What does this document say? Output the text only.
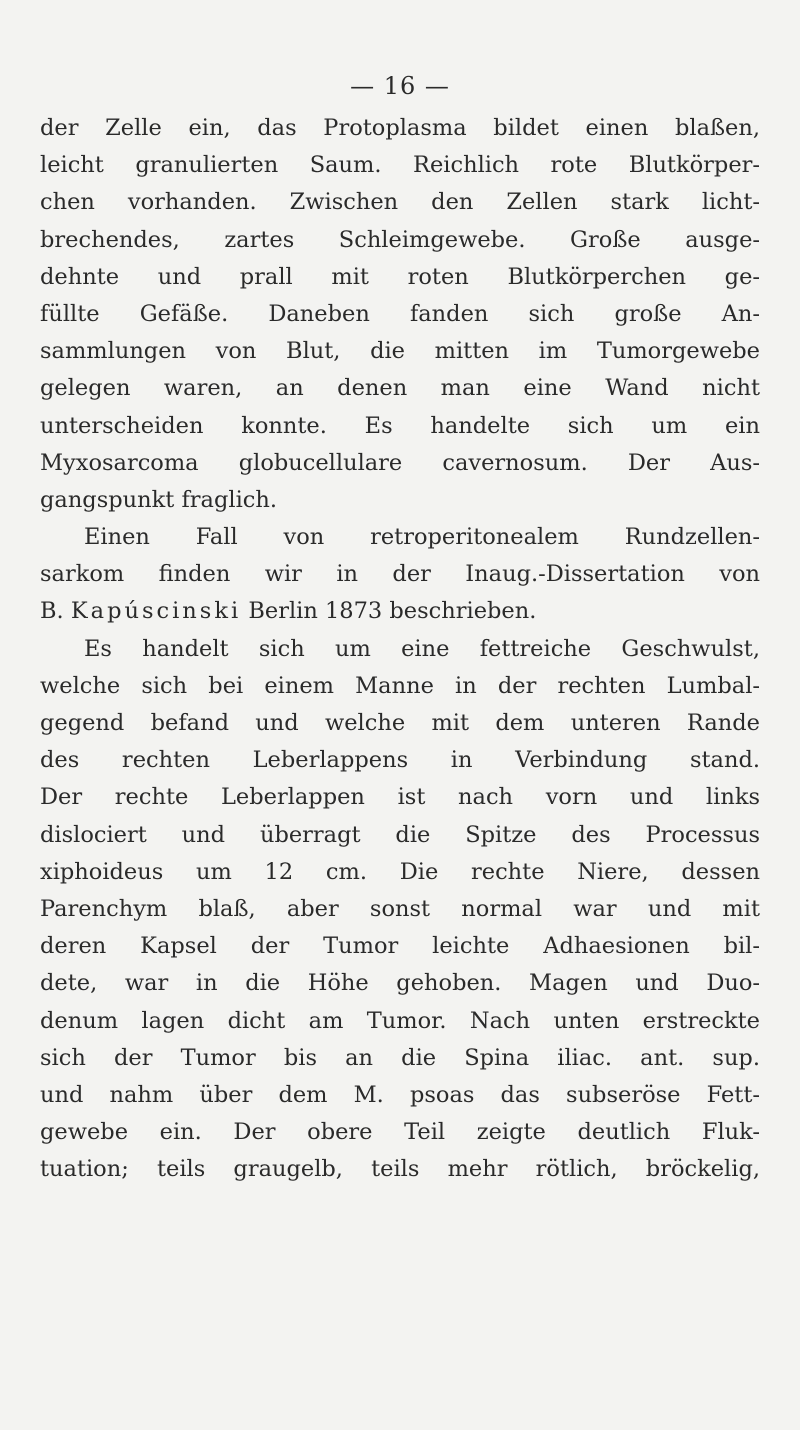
— 16 —
der Zelle ein, das Protoplasma bildet einen blaßen,
leicht granulierten Saum. Reichlich rote Blutkörper-
chen vorhanden. Zwischen den Zellen stark licht-
brechendes, zartes Schleimgewebe. Große ausge-
dehnte und prall mit roten Blutkörperchen ge-
füllte Gefäße. Daneben fanden sich große An-
sammlungen von Blut, die mitten im Tumorgewebe
gelegen waren, an denen man eine Wand nicht
unterscheiden konnte. Es handelte sich um ein
Myxosarcoma globucellulare cavernosum. Der Aus-
gangspunkt fraglich.
Einen Fall von retroperitonealem Rundzellen-
sarkom finden wir in der Inaug.-Dissertation von
B. Kapúscinski Berlin 1873 beschrieben.
Es handelt sich um eine fettreiche Geschwulst,
welche sich bei einem Manne in der rechten Lumbal-
gegend befand und welche mit dem unteren Rande
des rechten Leberlappens in Verbindung stand.
Der rechte Leberlappen ist nach vorn und links
dislociert und überragt die Spitze des Processus
xiphoideus um 12 cm. Die rechte Niere, dessen
Parenchym blaß, aber sonst normal war und mit
deren Kapsel der Tumor leichte Adhaesionen bil-
dete, war in die Höhe gehoben. Magen und Duo-
denum lagen dicht am Tumor. Nach unten erstreckte
sich der Tumor bis an die Spina iliac. ant. sup.
und nahm über dem M. psoas das subseröse Fett-
gewebe ein. Der obere Teil zeigte deutlich Fluk-
tuation; teils graugelb, teils mehr rötlich, bröckelig,
